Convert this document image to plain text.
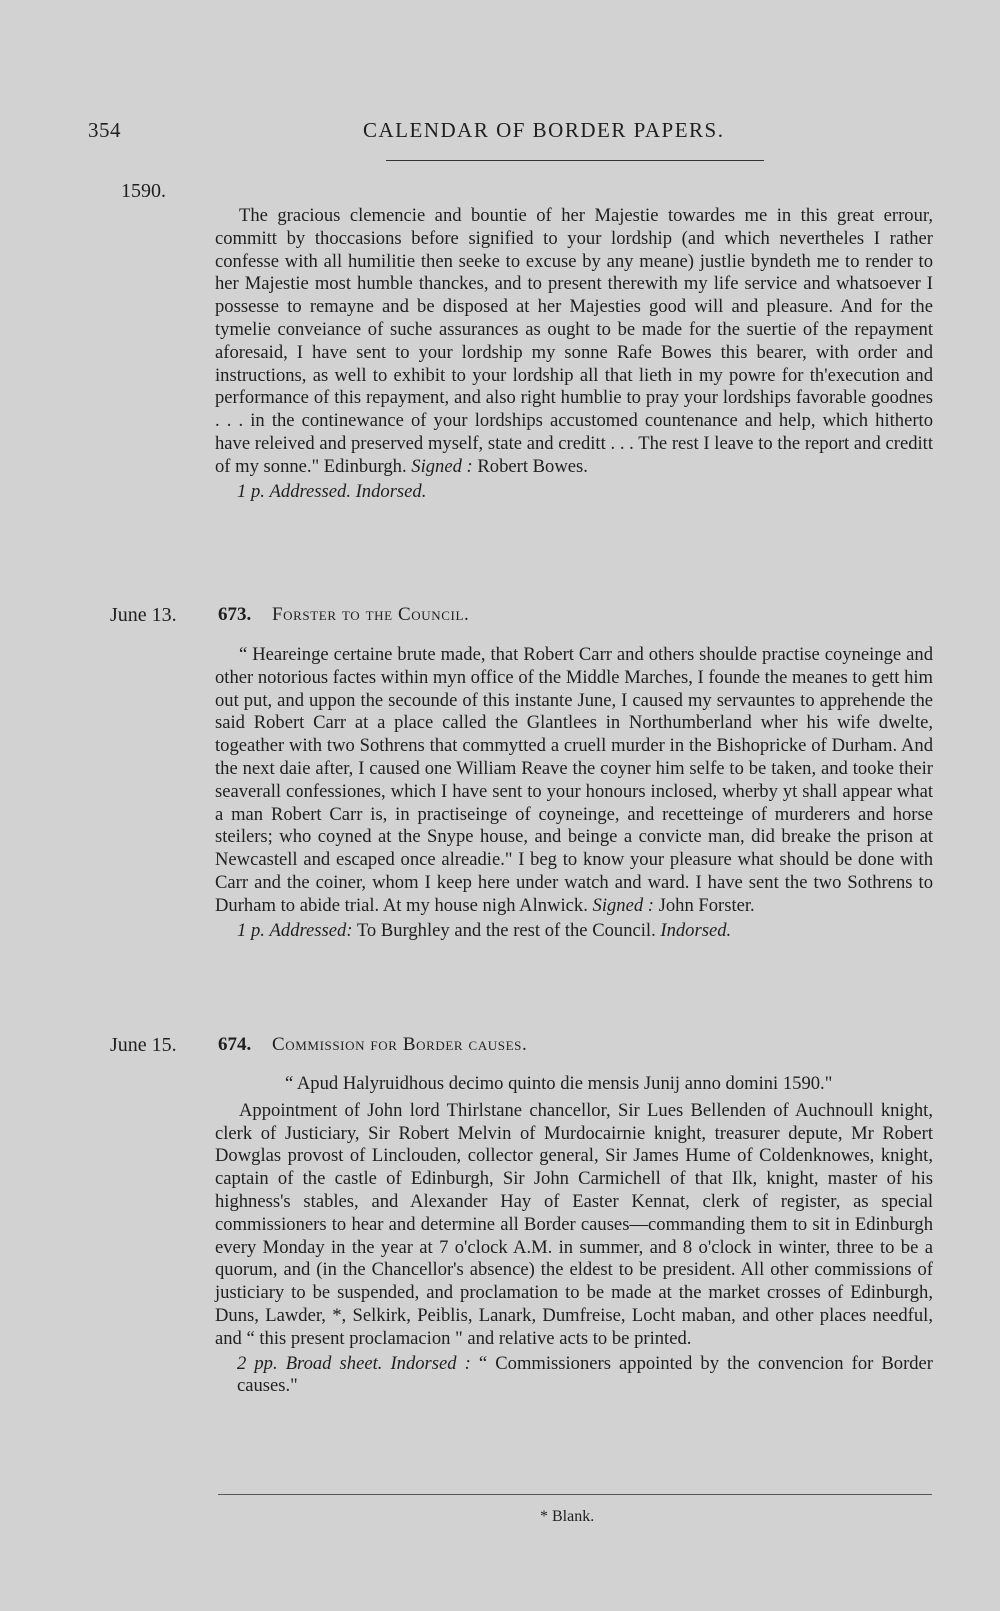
354	CALENDAR OF BORDER PAPERS.
1590.

The gracious clemencie and bountie of her Majestie towardes me in this great errour, committ by thoccasions before signified to your lordship (and which nevertheles I rather confesse with all humilitie then seeke to excuse by any meane) justlie byndeth me to render to her Majestie most humble thanckes, and to present therewith my life service and whatsoever I possesse to remayne and be disposed at her Majesties good will and pleasure. And for the tymelie conveiance of suche assurances as ought to be made for the suertie of the repayment aforesaid, I have sent to your lordship my sonne Rafe Bowes this bearer, with order and instructions, as well to exhibit to your lordship all that lieth in my powre for th'execution and performance of this repayment, and also right humblie to pray your lordships favorable goodnes . . . in the continewance of your lordships accustomed countenance and help, which hitherto have releived and preserved myself, state and creditt . . . The rest I leave to the report and creditt of my sonne." Edinburgh. Signed : Robert Bowes.

1 p. Addressed. Indorsed.

June 13. 673. Forster to the Council.

“ Heareinge certaine brute made, that Robert Carr and others shoulde practise coyneinge and other notorious factes within myn office of the Middle Marches, I founde the meanes to gett him out put, and uppon the secounde of this instante June, I caused my servauntes to apprehende the said Robert Carr at a place called the Glantlees in Northumberland wher his wife dwelte, togeather with two Sothrens that commytted a cruell murder in the Bishopricke of Durham. And the next daie after, I caused one William Reave the coyner him selfe to be taken, and tooke their seaverall confessiones, which I have sent to your honours inclosed, wherby yt shall appear what a man Robert Carr is, in practiseinge of coyneinge, and recetteinge of murderers and horse steilers; who coyned at the Snype house, and beinge a convicte man, did breake the prison at Newcastell and escaped once alreadie." I beg to know your pleasure what should be done with Carr and the coiner, whom I keep here under watch and ward. I have sent the two Sothrens to Durham to abide trial. At my house nigh Alnwick. Signed : John Forster.

1 p. Addressed: To Burghley and the rest of the Council. Indorsed.

June 15. 674. Commission for Border causes.

“ Apud Halyruidhous decimo quinto die mensis Junij anno domini 1590."

Appointment of John lord Thirlstane chancellor, Sir Lues Bellenden of Auchnoull knight, clerk of Justiciary, Sir Robert Melvin of Murdocairnie knight, treasurer depute, Mr Robert Dowglas provost of Linclouden, collector general, Sir James Hume of Coldenknowes, knight, captain of the castle of Edinburgh, Sir John Carmichell of that Ilk, knight, master of his highness's stables, and Alexander Hay of Easter Kennat, clerk of register, as special commissioners to hear and determine all Border causes—commanding them to sit in Edinburgh every Monday in the year at 7 o'clock A.M. in summer, and 8 o'clock in winter, three to be a quorum, and (in the Chancellor's absence) the eldest to be president. All other commissions of justiciary to be suspended, and proclamation to be made at the market crosses of Edinburgh, Duns, Lawder, *, Selkirk, Peiblis, Lanark, Dumfreise, Locht maban, and other places needful, and “ this present proclamacion " and relative acts to be printed.

2 pp. Broad sheet. Indorsed : “ Commissioners appointed by the convencion for Border causes."

* Blank.
